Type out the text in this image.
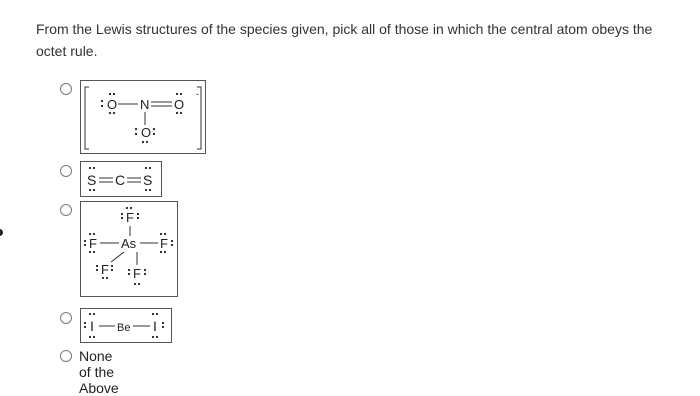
From the Lewis structures of the species given, pick all of those in which the central atom obeys the octet rule.

-
O N O
O
S C S
F
F As F
F F
I Be I
None of the Above
